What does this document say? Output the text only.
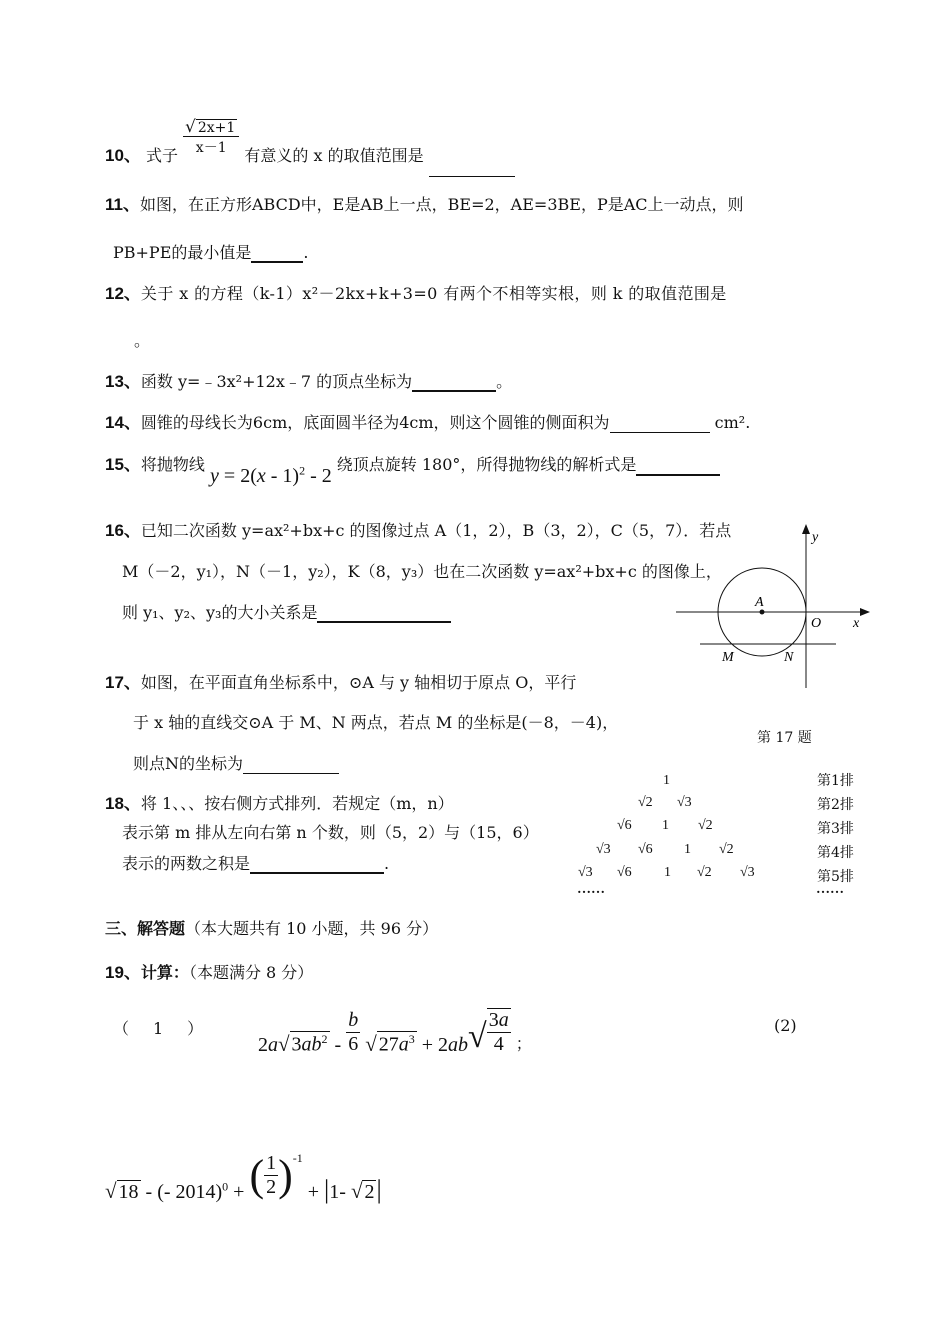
10、 式子 $\frac{√ 2x+1}{x-1}$ 有意义的 x 的取值范围是
11、如图，在正方形ABCD中，E是AB上一点，BE=2，AE=3BE，P是AC上一动点，则
PB+PE的最小值是	.
12、关于 x 的方程（k-1）x²－2kx+k+3=0 有两个不相等实根，则 k 的取值范围是
。
13、函数 y=﹣3x²+12x﹣7 的顶点坐标为	。
14、圆锥的母线长为6cm，底面圆半径为4cm，则这个圆锥的侧面积为	cm².
15、将抛物线 y = 2(x - 1)$^2$ - 2 绕顶点旋转 180°，所得抛物线的解析式是
16、已知二次函数 y=ax²+bx+c 的图像过点 A（1，2），B（3，2），C（5，7）．若点
M（－2，y₁），N（－1，y₂），K（8，y₃）也在二次函数 y=ax²+bx+c 的图像上，
则 y₁、y₂、y₃的大小关系是
y
x
O
A
M	N
第 17 题
17、如图，在平面直角坐标系中，⊙A 与 y 轴相切于原点 O，平行
于 x 轴的直线交⊙A 于 M、N 两点，若点 M 的坐标是(－8，－4)，
则点N的坐标为
18、将 1、、、按右侧方式排列．若规定（m，n）
表示第 m 排从左向右第 n 个数，则（5，2）与（15，6）
表示的两数之积是	.
1
√2 √3
√6 1 √2
√3 √6 1 √2
√3 √6 1 √2 √3
……	……
第1排
第2排
第3排
第4排
第5排
三、解答题（本大题共有 10 小题，共 96 分）
19、计算：（本题满分 8 分）
（　1　）
2a√ $3ab^2 - \frac{b}{6}$ √ $27a^3 + 2ab√ \frac{3a}{4} _;$
(2)
√ 18 - (- 2014)$^0$ + ( $\frac{1}{2} )^{-1} + |1-$ √ 2|
